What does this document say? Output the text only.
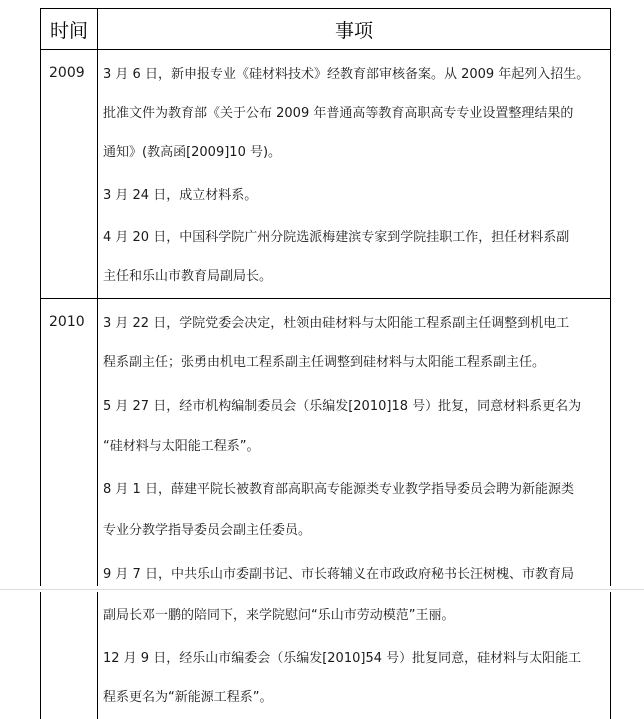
时间	事项
2009 3 月 6 日，新申报专业《硅材料技术》经教育部审核备案。从 2009 年起列入招生。
批准文件为教育部《关于公布 2009 年普通高等教育高职高专专业设置整理结果的
通知》(教高函[2009]10 号)。
3 月 24 日，成立材料系。
4 月 20 日，中国科学院广州分院选派梅建滨专家到学院挂职工作，担任材料系副
主任和乐山市教育局副局长。
2010 3 月 22 日，学院党委会决定，杜领由硅材料与太阳能工程系副主任调整到机电工
程系副主任；张勇由机电工程系副主任调整到硅材料与太阳能工程系副主任。
5 月 27 日，经市机构编制委员会（乐编发[2010]18 号）批复，同意材料系更名为
“硅材料与太阳能工程系”。
8 月 1 日，薛建平院长被教育部高职高专能源类专业教学指导委员会聘为新能源类
专业分教学指导委员会副主任委员。
9 月 7 日，中共乐山市委副书记、市长蒋辅义在市政政府秘书长汪树槐、市教育局
副局长邓一鹏的陪同下，来学院慰问“乐山市劳动模范”王丽。
12 月 9 日，经乐山市编委会（乐编发[2010]54 号）批复同意，硅材料与太阳能工
程系更名为“新能源工程系”。
